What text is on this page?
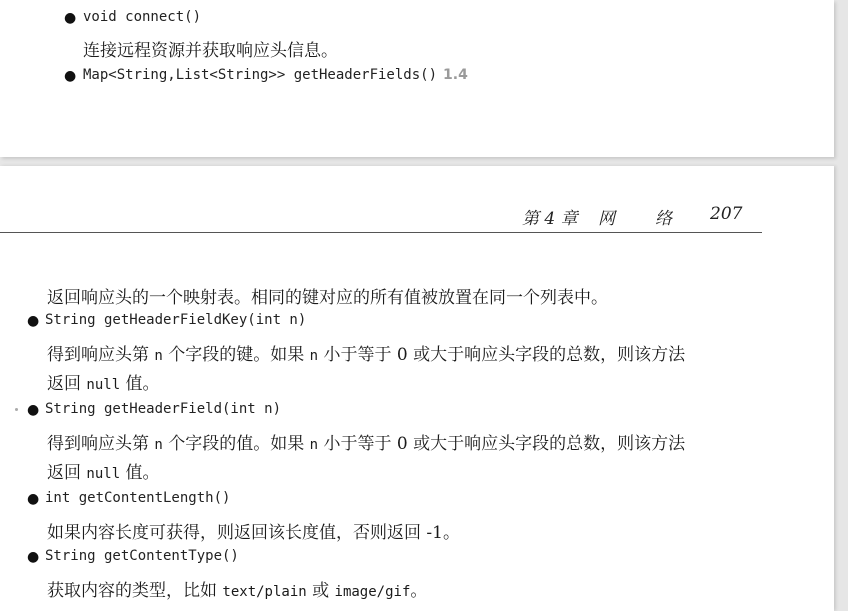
● void connect()
连接远程资源并获取响应头信息。
● Map<String,List<String>> getHeaderFields() 1.4
第 4 章 网 络 207
返回响应头的一个映射表。相同的键对应的所有值被放置在同一个列表中。
● String getHeaderFieldKey(int n)
得到响应头第 n 个字段的键。如果 n 小于等于 0 或大于响应头字段的总数，则该方法
返回 null 值。
● String getHeaderField(int n)
得到响应头第 n 个字段的值。如果 n 小于等于 0 或大于响应头字段的总数，则该方法
返回 null 值。
● int getContentLength()
如果内容长度可获得，则返回该长度值，否则返回 -1。
● String getContentType()
获取内容的类型，比如 text/plain 或 image/gif。
